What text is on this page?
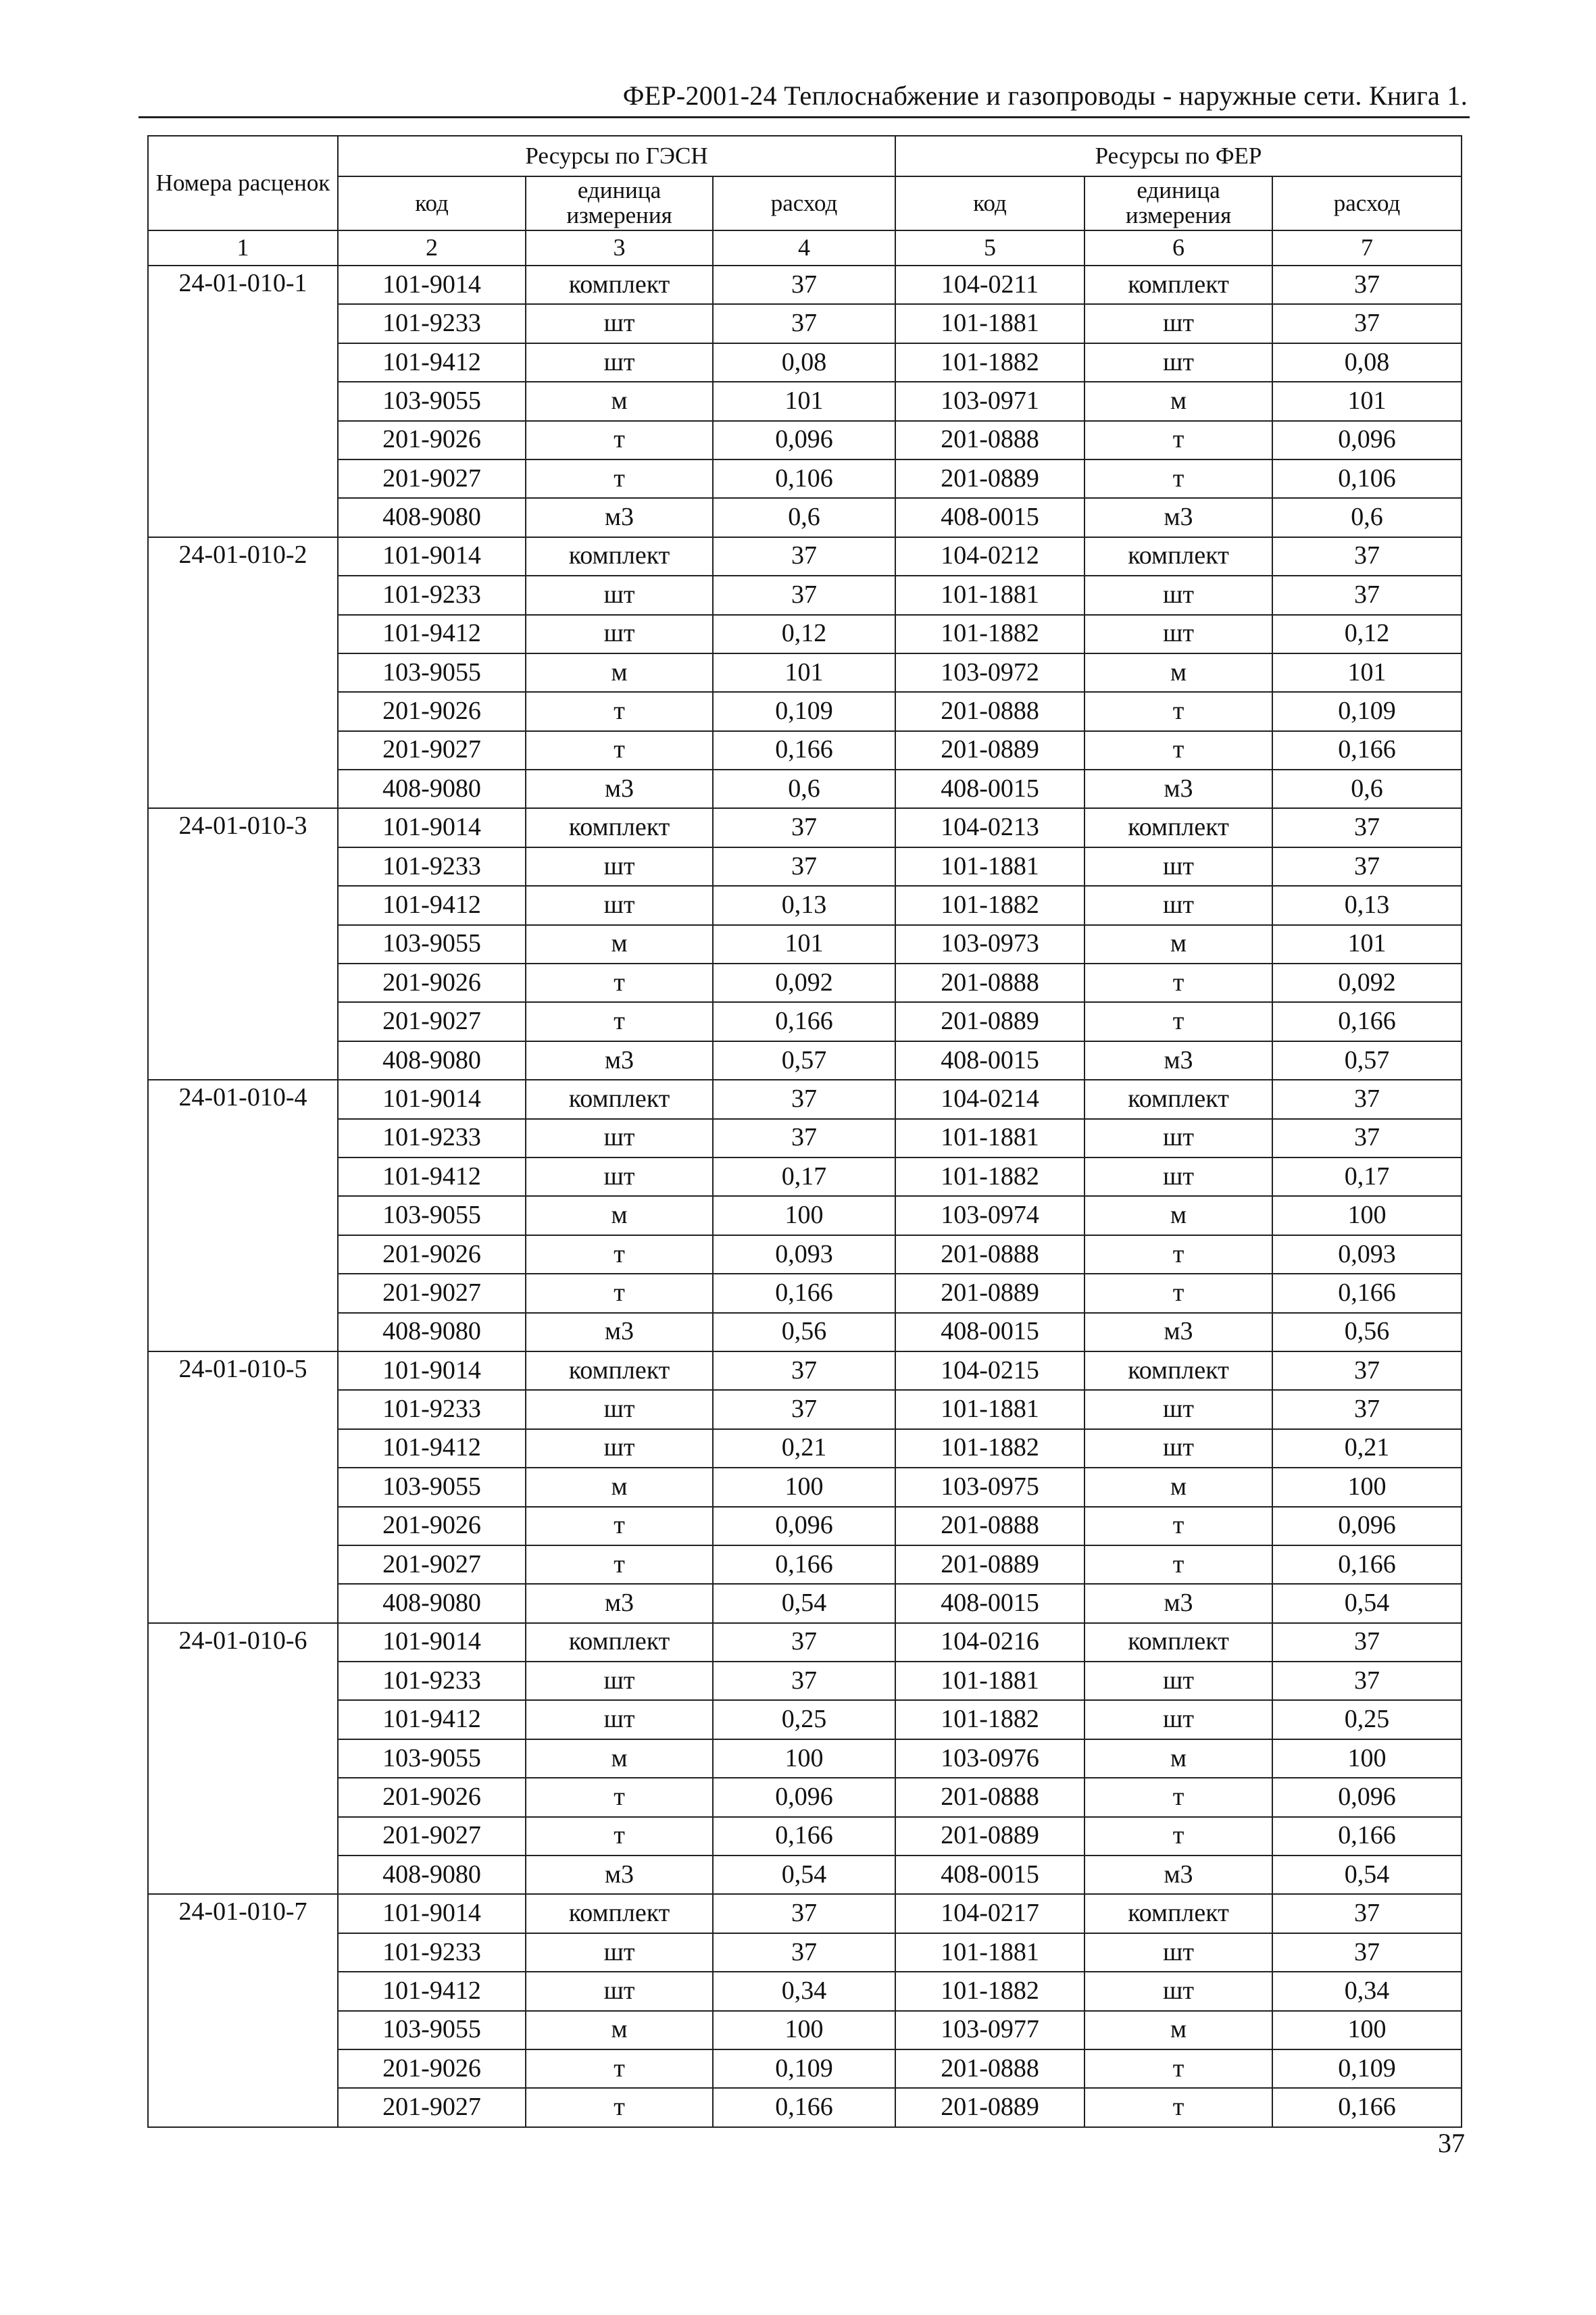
ФЕР-2001-24 Теплоснабжение и газопроводы - наружные сети. Книга 1.
Номера расценок	Ресурсы по ГЭСН			Ресурсы по ФЕР		
	код	единица измерения	расход	код	единица измерения	расход
1	2	3	4	5	6	7
24-01-010-1	101-9014	комплект	37	104-0211	комплект	37
	101-9233	шт	37	101-1881	шт	37
	101-9412	шт	0,08	101-1882	шт	0,08
	103-9055	м	101	103-0971	м	101
	201-9026	т	0,096	201-0888	т	0,096
	201-9027	т	0,106	201-0889	т	0,106
	408-9080	м3	0,6	408-0015	м3	0,6
24-01-010-2	101-9014	комплект	37	104-0212	комплект	37
	101-9233	шт	37	101-1881	шт	37
	101-9412	шт	0,12	101-1882	шт	0,12
	103-9055	м	101	103-0972	м	101
	201-9026	т	0,109	201-0888	т	0,109
	201-9027	т	0,166	201-0889	т	0,166
	408-9080	м3	0,6	408-0015	м3	0,6
24-01-010-3	101-9014	комплект	37	104-0213	комплект	37
	101-9233	шт	37	101-1881	шт	37
	101-9412	шт	0,13	101-1882	шт	0,13
	103-9055	м	101	103-0973	м	101
	201-9026	т	0,092	201-0888	т	0,092
	201-9027	т	0,166	201-0889	т	0,166
	408-9080	м3	0,57	408-0015	м3	0,57
24-01-010-4	101-9014	комплект	37	104-0214	комплект	37
	101-9233	шт	37	101-1881	шт	37
	101-9412	шт	0,17	101-1882	шт	0,17
	103-9055	м	100	103-0974	м	100
	201-9026	т	0,093	201-0888	т	0,093
	201-9027	т	0,166	201-0889	т	0,166
	408-9080	м3	0,56	408-0015	м3	0,56
24-01-010-5	101-9014	комплект	37	104-0215	комплект	37
	101-9233	шт	37	101-1881	шт	37
	101-9412	шт	0,21	101-1882	шт	0,21
	103-9055	м	100	103-0975	м	100
	201-9026	т	0,096	201-0888	т	0,096
	201-9027	т	0,166	201-0889	т	0,166
	408-9080	м3	0,54	408-0015	м3	0,54
24-01-010-6	101-9014	комплект	37	104-0216	комплект	37
	101-9233	шт	37	101-1881	шт	37
	101-9412	шт	0,25	101-1882	шт	0,25
	103-9055	м	100	103-0976	м	100
	201-9026	т	0,096	201-0888	т	0,096
	201-9027	т	0,166	201-0889	т	0,166
	408-9080	м3	0,54	408-0015	м3	0,54
24-01-010-7	101-9014	комплект	37	104-0217	комплект	37
	101-9233	шт	37	101-1881	шт	37
	101-9412	шт	0,34	101-1882	шт	0,34
	103-9055	м	100	103-0977	м	100
	201-9026	т	0,109	201-0888	т	0,109
	201-9027	т	0,166	201-0889	т	0,166
37
